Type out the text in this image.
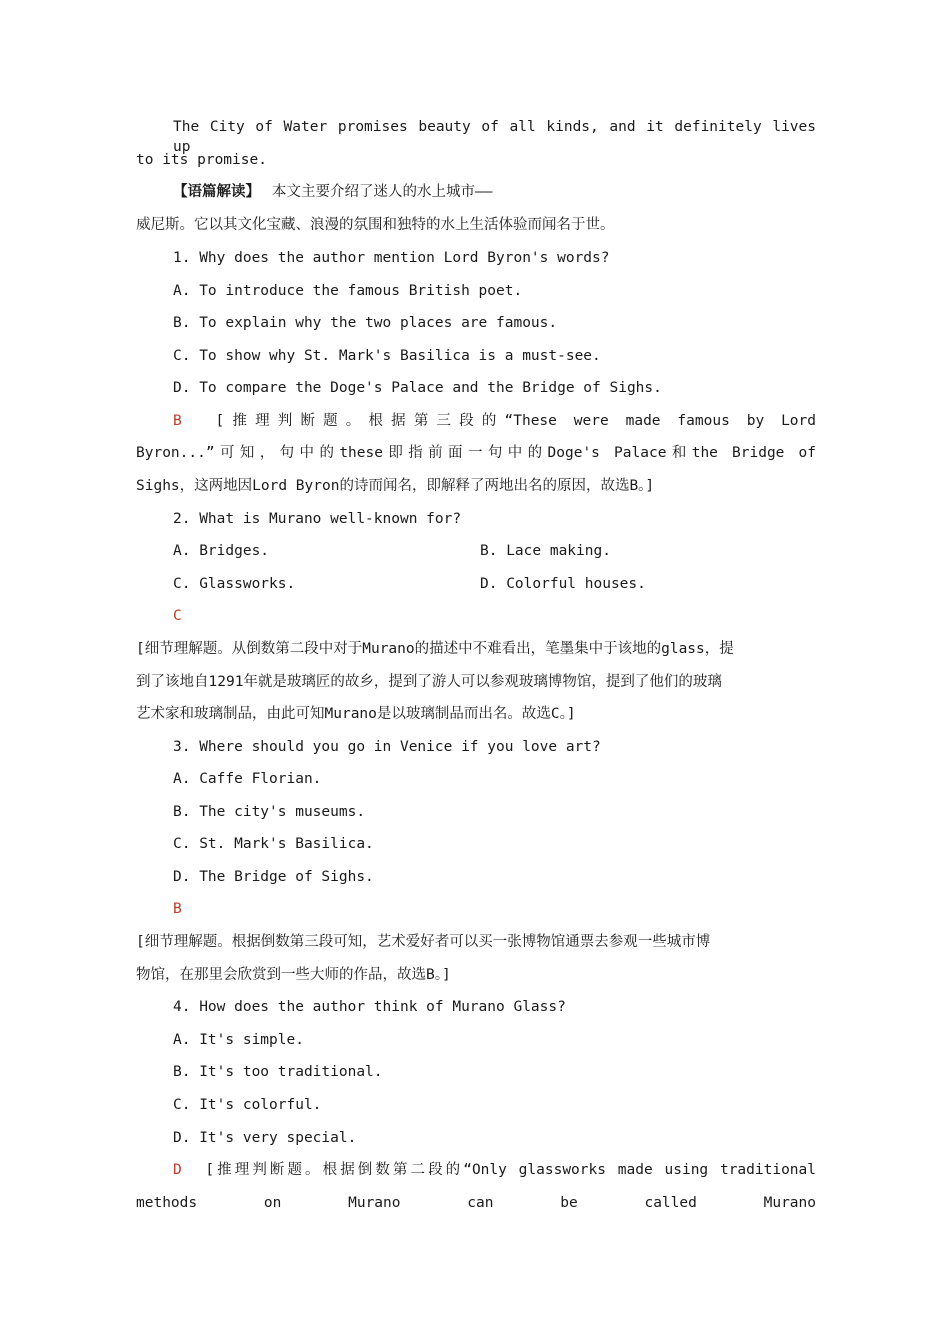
The City of Water promises beauty of all kinds, and it definitely lives up
to its promise.
【语篇解读】 本文主要介绍了迷人的水上城市——
威尼斯。它以其文化宝藏、浪漫的氛围和独特的水上生活体验而闻名于世。
1. Why does the author mention Lord Byron's words?
A. To introduce the famous British poet.
B. To explain why the two places are famous.
C. To show why St. Mark's Basilica is a must-see.
D. To compare the Doge's Palace and the Bridge of Sighs.
B [推理判断题。根据第三段的“These were made famous by Lord
Byron...”可知，句中的these即指前面一句中的Doge's Palace和the Bridge of
Sighs，这两地因Lord Byron的诗而闻名，即解释了两地出名的原因，故选B。]
2. What is Murano well-known for?
A. Bridges.	B. Lace making.
C. Glassworks.	D. Colorful houses.
C
[细节理解题。从倒数第二段中对于Murano的描述中不难看出，笔墨集中于该地的glass，提
到了该地自1291年就是玻璃匠的故乡，提到了游人可以参观玻璃博物馆，提到了他们的玻璃
艺术家和玻璃制品，由此可知Murano是以玻璃制品而出名。故选C。]
3. Where should you go in Venice if you love art?
A. Caffe Florian.
B. The city's museums.
C. St. Mark's Basilica.
D. The Bridge of Sighs.
B
[细节理解题。根据倒数第三段可知，艺术爱好者可以买一张博物馆通票去参观一些城市博
物馆，在那里会欣赏到一些大师的作品，故选B。]
4. How does the author think of Murano Glass?
A. It's simple.
B. It's too traditional.
C. It's colorful.
D. It's very special.
D [推理判断题。根据倒数第二段的“Only glassworks made using traditional
methods on Murano can be called Murano
